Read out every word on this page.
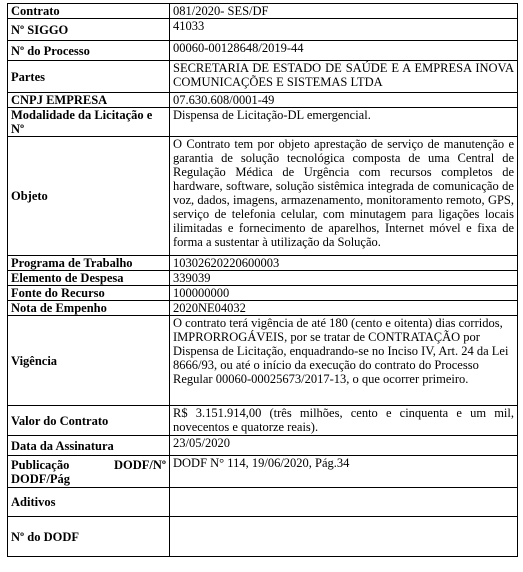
Contrato	081/2020- SES/DF
Nº SIGGO	41033
Nº do Processo	00060-00128648/2019-44
Partes	SECRETARIA DE ESTADO DE SAÚDE E A EMPRESA INOVA COMUNICAÇÕES E SISTEMAS LTDA
CNPJ EMPRESA	07.630.608/0001-49
Modalidade da Licitação e Nº	Dispensa de Licitação-DL emergencial.
Objeto	O Contrato tem por objeto aprestação de serviço de manutenção e garantia de solução tecnológica composta de uma Central de Regulação Médica de Urgência com recursos completos de hardware, software, solução sistêmica integrada de comunicação de voz, dados, imagens, armazenamento, monitoramento remoto, GPS, serviço de telefonia celular, com minutagem para ligações locais ilimitadas e fornecimento de aparelhos, Internet móvel e fixa de forma a sustentar à utilização da Solução.
Programa de Trabalho	10302620220600003
Elemento de Despesa	339039
Fonte do Recurso	100000000
Nota de Empenho	2020NE04032
Vigência	O contrato terá vigência de até 180 (cento e oitenta) dias corridos, IMPRORROGÁVEIS, por se tratar de CONTRATAÇÃO por Dispensa de Licitação, enquadrando-se no Inciso IV, Art. 24 da Lei 8666/93, ou até o início da execução do contrato do Processo Regular 00060-00025673/2017-13, o que ocorrer primeiro.
Valor do Contrato	R$ 3.151.914,00 (três milhões, cento e cinquenta e um mil, novecentos e quatorze reais).
Data da Assinatura	23/05/2020

Publicação DODF/Nº
DODF/Pág	DODF N° 114, 19/06/2020, Pág.34
Aditivos	
Nº do DODF	
